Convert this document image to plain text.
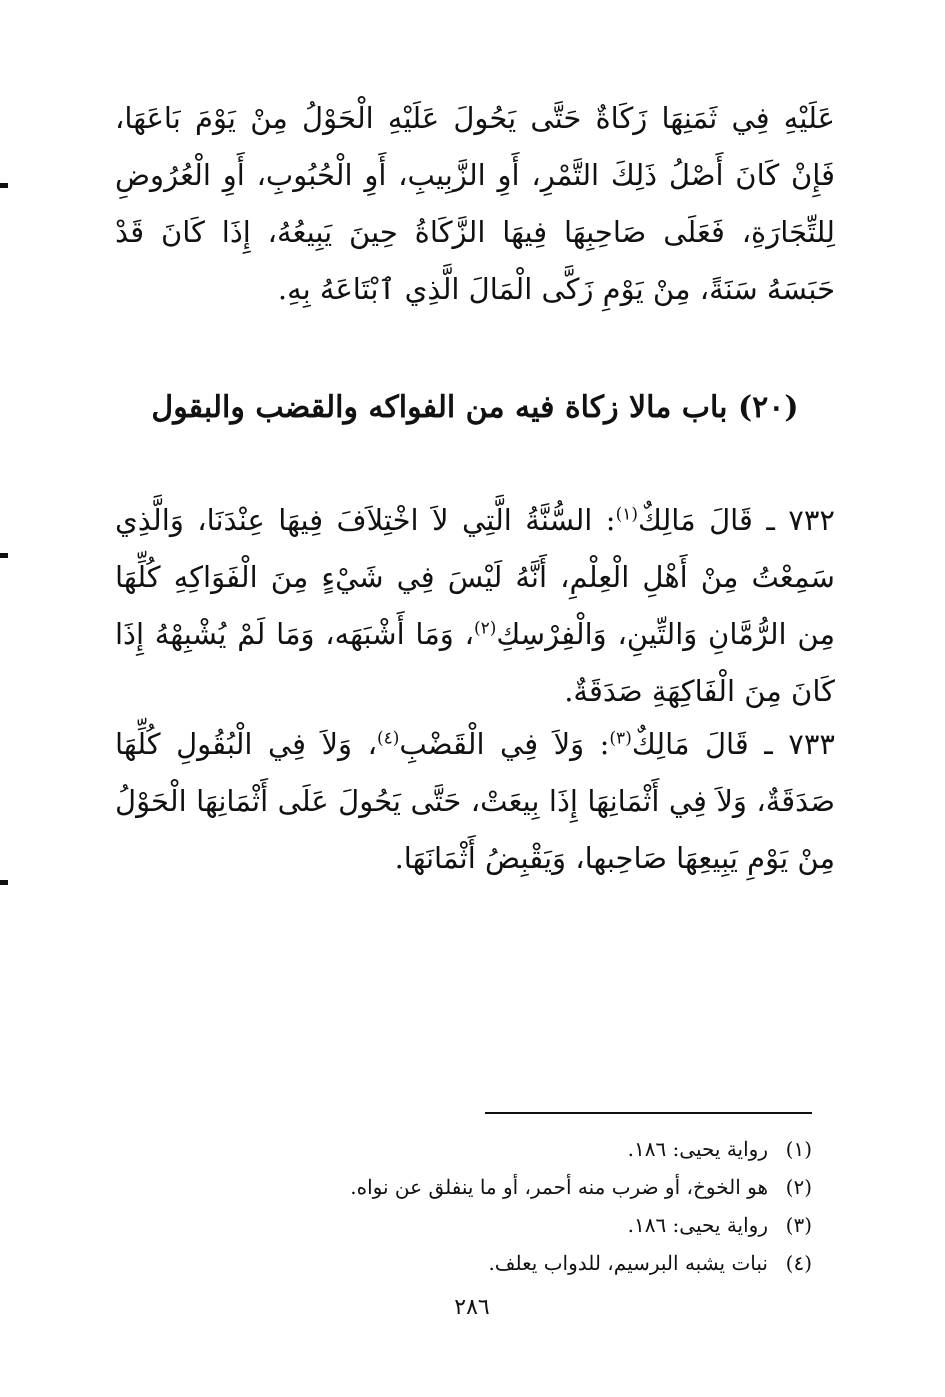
عَلَيْهِ فِي ثَمَنِهَا زَكَاةٌ حَتَّى يَحُولَ عَلَيْهِ الْحَوْلُ مِنْ يَوْمَ بَاعَهَا، فَإِنْ كَانَ أَصْلُ ذَلِكَ التَّمْرِ، أَوِ الزَّبِيبِ، أَوِ الْحُبُوبِ، أَوِ الْعُرُوضِ لِلتِّجَارَةِ، فَعَلَى صَاحِبِهَا فِيهَا الزَّكَاةُ حِينَ يَبِيعُهُ، إِذَا كَانَ قَدْ حَبَسَهُ سَنَةً، مِنْ يَوْمِ زَكَّى الْمَالَ الَّذِي ٱبْتَاعَهُ بِهِ.

(٢٠) باب مالا زكاة فيه من الفواكه والقضب والبقول

٧٣٢ ـ قَالَ مَالِكٌ$^{(١)}$: السُّنَّةُ الَّتِي لاَ اخْتِلاَفَ فِيهَا عِنْدَنَا، وَالَّذِي سَمِعْتُ مِنْ أَهْلِ الْعِلْمِ، أَنَّهُ لَيْسَ فِي شَيْءٍ مِنَ الْفَوَاكِهِ كُلِّهَا مِن الرُّمَّانِ وَالتِّينِ، وَالْفِرْسِكِ$^{(٢)}$، وَمَا أَشْبَهَه، وَمَا لَمْ يُشْبِهْهُ إِذَا كَانَ مِنَ الْفَاكِهَةِ صَدَقَةٌ.

٧٣٣ ـ قَالَ مَالِكٌ$^{(٣)}$: وَلاَ فِي الْقَضْبِ$^{(٤)}$، وَلاَ فِي الْبُقُولِ كُلِّهَا صَدَقَةٌ، وَلاَ فِي أَثْمَانِهَا إِذَا بِيعَتْ، حَتَّى يَحُولَ عَلَى أَثْمَانِهَا الْحَوْلُ مِنْ يَوْمِ يَبِيعِهَا صَاحِبها، وَيَقْبِضُ أَثْمَانَهَا.

(١)رواية يحيى: ١٨٦.
(٢)هو الخوخ، أو ضرب منه أحمر، أو ما ينفلق عن نواه.
(٣)رواية يحيى: ١٨٦.
(٤)نبات يشبه البرسيم، للدواب يعلف.
٢٨٦
